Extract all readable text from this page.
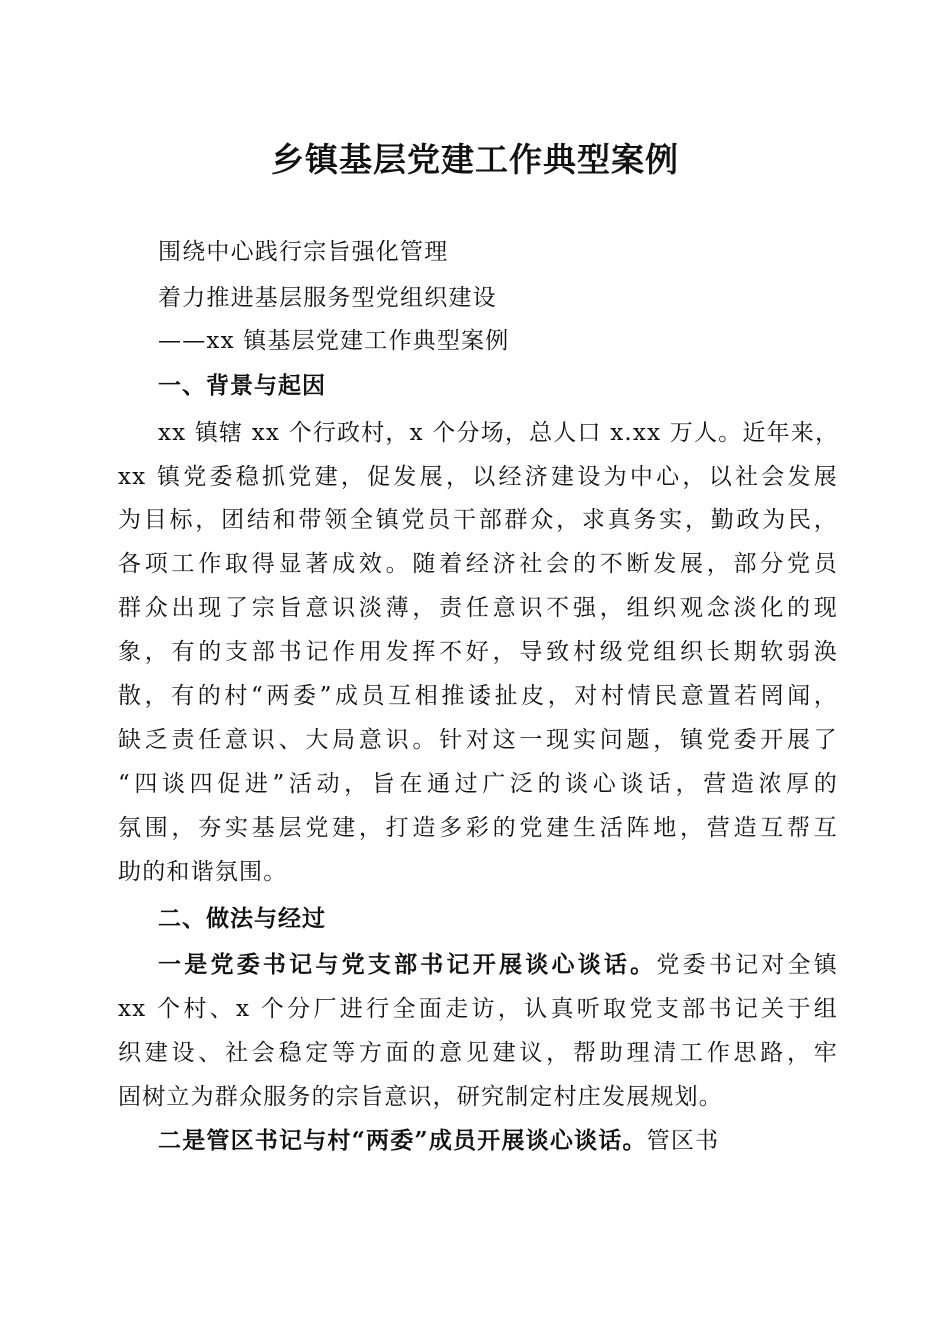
乡镇基层党建工作典型案例
围绕中心践行宗旨强化管理
着力推进基层服务型党组织建设
——xx 镇基层党建工作典型案例
一、背景与起因
xx 镇辖 xx 个行政村，x 个分场，总人口 x.xx 万人。近年来，
xx 镇党委稳抓党建，促发展，以经济建设为中心，以社会发展
为目标，团结和带领全镇党员干部群众，求真务实，勤政为民，
各项工作取得显著成效。随着经济社会的不断发展，部分党员
群众出现了宗旨意识淡薄，责任意识不强，组织观念淡化的现
象，有的支部书记作用发挥不好，导致村级党组织长期软弱涣
散，有的村“两委”成员互相推诿扯皮，对村情民意置若罔闻，
缺乏责任意识、大局意识。针对这一现实问题，镇党委开展了
“四谈四促进”活动，旨在通过广泛的谈心谈话，营造浓厚的
氛围，夯实基层党建，打造多彩的党建生活阵地，营造互帮互
助的和谐氛围。
二、做法与经过
一是党委书记与党支部书记开展谈心谈话。党委书记对全镇
xx 个村、x 个分厂进行全面走访，认真听取党支部书记关于组
织建设、社会稳定等方面的意见建议，帮助理清工作思路，牢
固树立为群众服务的宗旨意识，研究制定村庄发展规划。
二是管区书记与村“两委”成员开展谈心谈话。管区书
